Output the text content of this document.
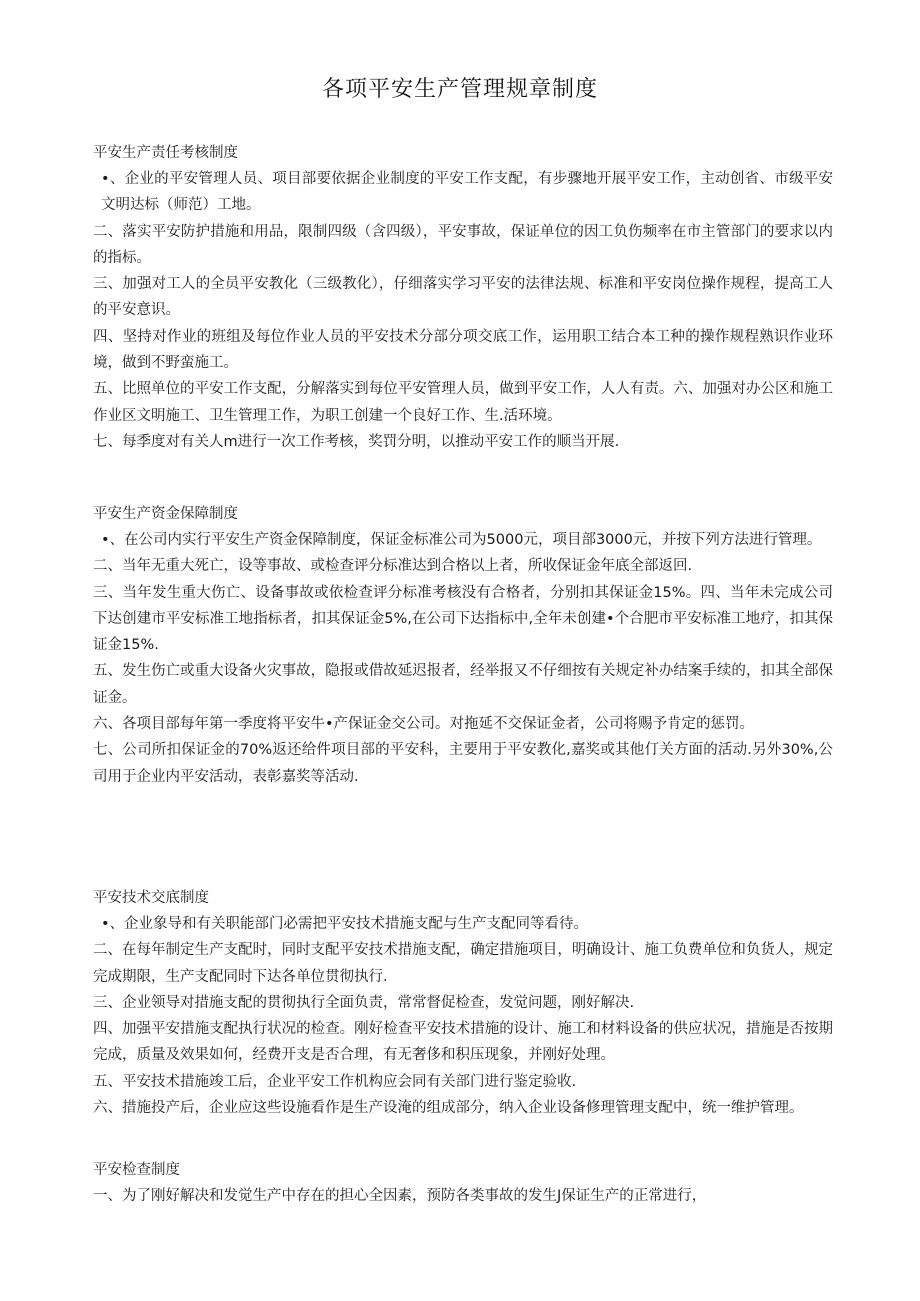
各项平安生产管理规章制度
平安生产责任考核制度

•、企业的平安管理人员、项目部要依据企业制度的平安工作支配，有步骤地开展平安工作，主动创省、市级平安文明达标（师范）工地。

二、落实平安防护措施和用品，限制四级（含四级），平安事故，保证单位的因工负伤频率在市主管部门的要求以内的指标。

三、加强对工人的全员平安教化（三级教化），仔细落实学习平安的法律法规、标准和平安岗位操作规程，提高工人的平安意识。

四、坚持对作业的班组及每位作业人员的平安技术分部分项交底工作，运用职工结合本工种的操作规程熟识作业环境，做到不野蛮施工。

五、比照单位的平安工作支配，分解落实到每位平安管理人员，做到平安工作，人人有责。六、加强对办公区和施工作业区文明施工、卫生管理工作，为职工创建一个良好工作、生.活环境。

七、每季度对有关人m进行一次工作考核，奖罚分明，以推动平安工作的顺当开展.

平安生产资金保障制度

•、在公司内实行平安生产资金保障制度，保证金标准公司为5000元，项目部3000元，并按下列方法进行管理。

二、当年无重大死亡，设等事故、或检查评分标准达到合格以上者，所收保证金年底全部返回.

三、当年发生重大伤亡、设备事故或依检查评分标准考核没有合格者，分别扣其保证金15%。四、当年未完成公司下达创建市平安标准工地指标者，扣其保证金5%,在公司下达指标中,全年未创建•个合肥市平安标准工地疗，扣其保证金15%.

五、发生伤亡或重大设备火灾事故，隐报或借故延迟报者，经举报又不仔细按有关规定补办结案手续的，扣其全部保证金。

六、各项目部每年第一季度将平安牛•产保证金交公司。对拖延不交保证金者，公司将赐予肯定的惩罚。

七、公司所扣保证金的70%返还给件项目部的平安科，主要用于平安教化,嘉奖或其他仃关方面的活动.另外30%,公司用于企业内平安活动，表彰嘉奖等活动.

平安技术交底制度

•、企业象导和有关职能部门必需把平安技术措施支配与生产支配同等看待。

二、在每年制定生产支配时，同时支配平安技术措施支配，确定措施项目，明确设计、施工负费单位和负货人，规定完成期限，生产支配同时下达各单位贯彻执行.

三、企业领导对措施支配的贯彻执行全面负责，常常督促检查，发觉问题，刚好解决.

四、加强平安措施支配执行状况的检查。刚好检查平安技术措施的设计、施工和材料设备的供应状况，措施是否按期完成，质量及效果如何，经费开支是否合理，有无奢侈和积压现象，并刚好处理。

五、平安技术措施竣工后，企业平安工作机构应会同有关部门进行鉴定验收.

六、措施投产后，企业应这些设施看作是生产设淹的组成部分，纳入企业设备修理管理支配中，统一维护管理。

平安检查制度

一、为了刚好解决和发觉生产中存在的担心全因素，预防各类事故的发生J保证生产的正常进行，
